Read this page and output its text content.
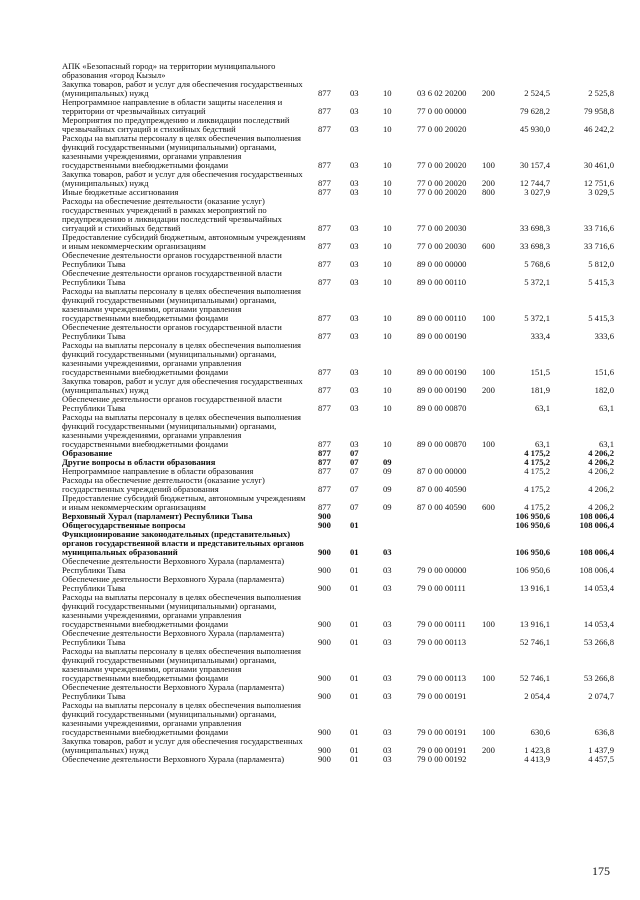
АПК «Безопасный город» на территории муниципального образования «город Кызыл»
Закупка товаров, работ и услуг для обеспечения государственных (муниципальных) нужд	877 03	10	03 6 02 20200 200	2 524,5	2 525,8
Непрограммное направление в области защиты населения и территории от чрезвычайных ситуаций	877 03	10	77 0 00 00000	79 628,2	79 958,8
Мероприятия по предупреждению и ликвидации последствий чрезвычайных ситуаций и стихийных бедствий	877 03	10	77 0 00 20020	45 930,0	46 242,2
Расходы на выплаты персоналу в целях обеспечения выполнения функций государственными (муниципальными) органами, казенными учреждениями, органами управления государственными внебюджетными фондами	877 03	10	77 0 00 20020 100	30 157,4	30 461,0
Закупка товаров, работ и услуг для обеспечения государственных (муниципальных) нужд	877 03	10	77 0 00 20020 200	12 744,7	12 751,6
Иные бюджетные ассигнования	877 03	10	77 0 00 20020 800	3 027,9	3 029,5
Расходы на обеспечение деятельности (оказание услуг) государственных учреждений в рамках мероприятий по предупреждению и ликвидации последствий чрезвычайных ситуаций и стихийных бедствий	877 03	10	77 0 00 20030	33 698,3	33 716,6
Предоставление субсидий бюджетным, автономным учреждениям и иным некоммерческим организациям	877 03	10	77 0 00 20030 600	33 698,3	33 716,6
Обеспечение деятельности органов государственной власти Республики Тыва	877 03	10	89 0 00 00000	5 768,6	5 812,0
Обеспечение деятельности органов государственной власти Республики Тыва	877 03	10	89 0 00 00110	5 372,1	5 415,3
Расходы на выплаты персоналу в целях обеспечения выполнения функций государственными (муниципальными) органами, казенными учреждениями, органами управления государственными внебюджетными фондами	877 03	10	89 0 00 00110 100	5 372,1	5 415,3
Обеспечение деятельности органов государственной власти Республики Тыва	877 03	10	89 0 00 00190	333,4	333,6
Расходы на выплаты персоналу в целях обеспечения выполнения функций государственными (муниципальными) органами, казенными учреждениями, органами управления государственными внебюджетными фондами	877 03	10	89 0 00 00190 100	151,5	151,6
Закупка товаров, работ и услуг для обеспечения государственных (муниципальных) нужд	877 03	10	89 0 00 00190 200	181,9	182,0
Обеспечение деятельности органов государственной власти Республики Тыва	877 03	10	89 0 00 00870	63,1	63,1
Расходы на выплаты персоналу в целях обеспечения выполнения функций государственными (муниципальными) органами, казенными учреждениями, органами управления государственными внебюджетными фондами	877 03	10	89 0 00 00870 100	63,1	63,1
Образование	877 07	4 175,2	4 206,2
Другие вопросы в области образования	877 07	09	4 175,2	4 206,2
Непрограммное направление в области образования	877 07	09	87 0 00 00000	4 175,2	4 206,2
Расходы на обеспечение деятельности (оказание услуг) государственных учреждений образования	877 07	09	87 0 00 40590	4 175,2	4 206,2
Предоставление субсидий бюджетным, автономным учреждениям и иным некоммерческим организациям	877 07	09	87 0 00 40590 600	4 175,2	4 206,2
Верховный Хурал (парламент) Республики Тыва	900	106 950,6	108 006,4
Общегосударственные вопросы	900 01	106 950,6	108 006,4
Функционирование законодательных (представительных) органов государственной власти и представительных органов муниципальных образований	900 01	03	106 950,6	108 006,4
Обеспечение деятельности Верховного Хурала (парламента) Республики Тыва	900 01	03	79 0 00 00000	106 950,6	108 006,4
Обеспечение деятельности Верховного Хурала (парламента) Республики Тыва	900 01	03	79 0 00 00111	13 916,1	14 053,4
Расходы на выплаты персоналу в целях обеспечения выполнения функций государственными (муниципальными) органами, казенными учреждениями, органами управления государственными внебюджетными фондами	900 01	03	79 0 00 00111 100	13 916,1	14 053,4
Обеспечение деятельности Верховного Хурала (парламента) Республики Тыва	900 01	03	79 0 00 00113	52 746,1	53 266,8
Расходы на выплаты персоналу в целях обеспечения выполнения функций государственными (муниципальными) органами, казенными учреждениями, органами управления государственными внебюджетными фондами	900 01	03	79 0 00 00113 100	52 746,1	53 266,8
Обеспечение деятельности Верховного Хурала (парламента) Республики Тыва	900 01	03	79 0 00 00191	2 054,4	2 074,7
Расходы на выплаты персоналу в целях обеспечения выполнения функций государственными (муниципальными) органами, казенными учреждениями, органами управления государственными внебюджетными фондами	900 01	03	79 0 00 00191 100	630,6	636,8
Закупка товаров, работ и услуг для обеспечения государственных (муниципальных) нужд	900 01	03	79 0 00 00191 200	1 423,8	1 437,9
Обеспечение деятельности Верховного Хурала (парламента)	900 01	03	79 0 00 00192	4 413,9	4 457,5
175
